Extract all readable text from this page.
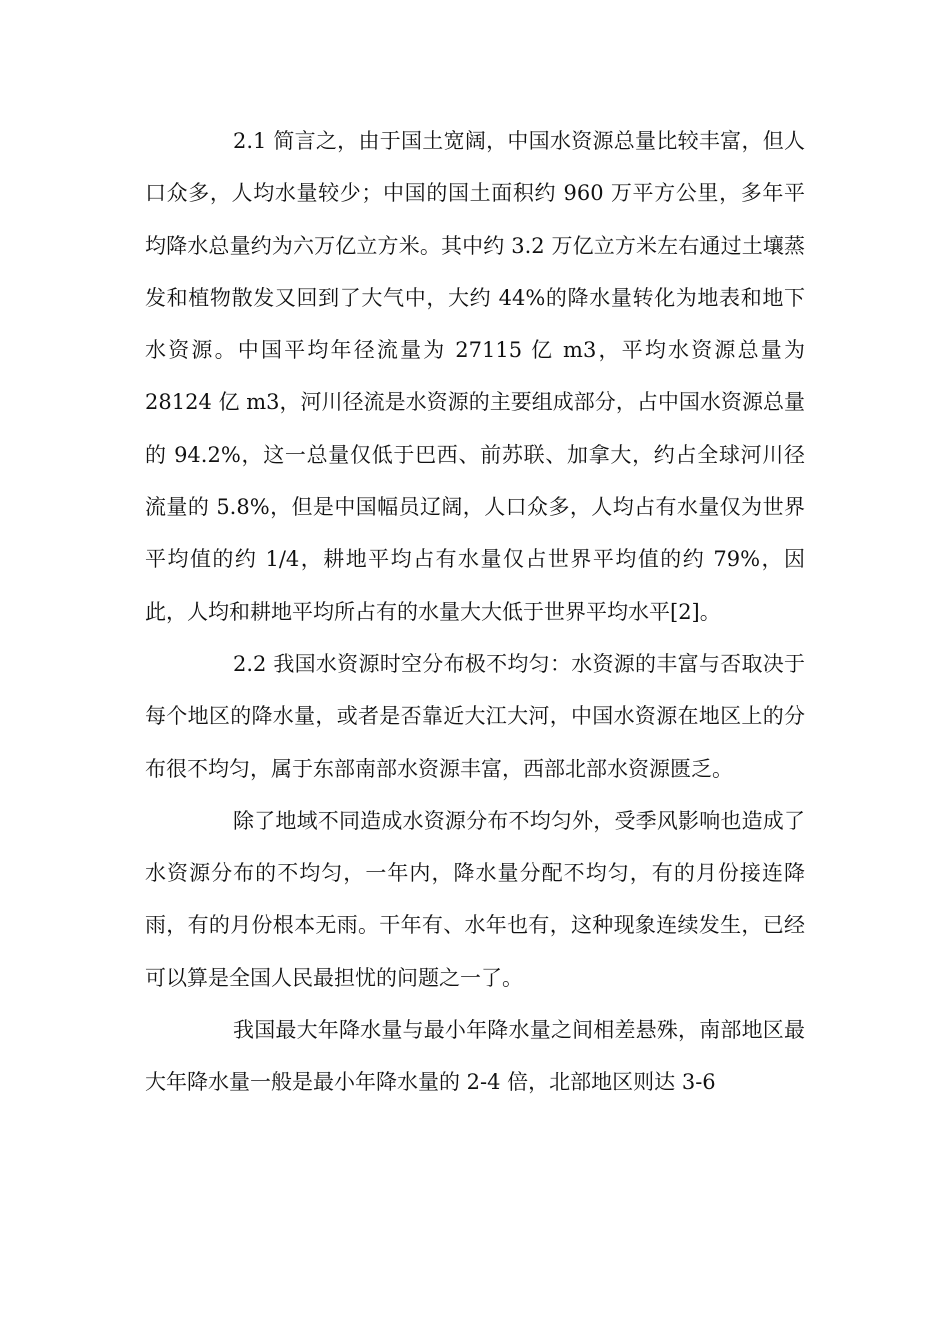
2.1 简言之，由于国土宽阔，中国水资源总量比较丰富，但人口众多，人均水量较少；中国的国土面积约 960 万平方公里，多年平均降水总量约为六万亿立方米。其中约 3.2 万亿立方米左右通过土壤蒸发和植物散发又回到了大气中，大约 44%的降水量转化为地表和地下水资源。中国平均年径流量为 27115 亿 m3，平均水资源总量为 28124 亿 m3，河川径流是水资源的主要组成部分，占中国水资源总量的 94.2%，这一总量仅低于巴西、前苏联、加拿大，约占全球河川径流量的 5.8%，但是中国幅员辽阔，人口众多，人均占有水量仅为世界平均值的约 1/4，耕地平均占有水量仅占世界平均值的约 79%，因此，人均和耕地平均所占有的水量大大低于世界平均水平[2]。

2.2 我国水资源时空分布极不均匀：水资源的丰富与否取决于每个地区的降水量，或者是否靠近大江大河，中国水资源在地区上的分布很不均匀，属于东部南部水资源丰富，西部北部水资源匮乏。

除了地域不同造成水资源分布不均匀外，受季风影响也造成了水资源分布的不均匀，一年内，降水量分配不均匀，有的月份接连降雨，有的月份根本无雨。干年有、水年也有，这种现象连续发生，已经可以算是全国人民最担忧的问题之一了。

我国最大年降水量与最小年降水量之间相差悬殊，南部地区最大年降水量一般是最小年降水量的 2-4 倍，北部地区则达 3-6
